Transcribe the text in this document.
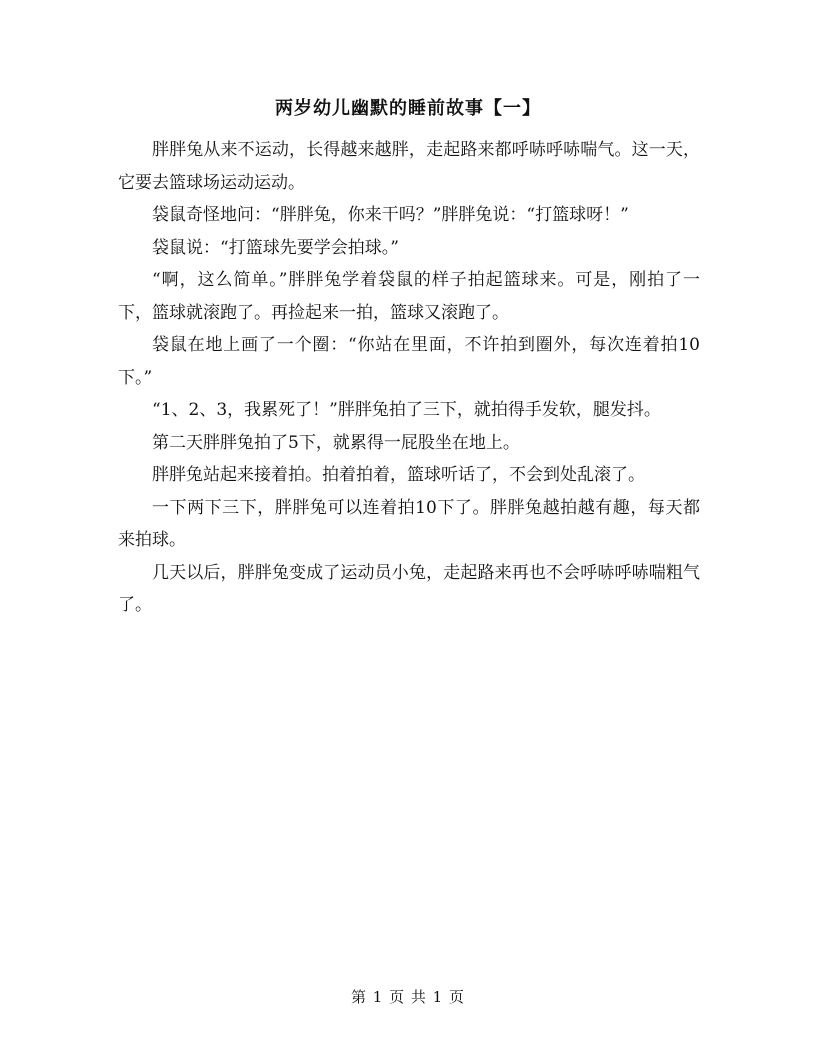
两岁幼儿幽默的睡前故事【一】

胖胖兔从来不运动，长得越来越胖，走起路来都呼哧呼哧喘气。这一天，它要去篮球场运动运动。

袋鼠奇怪地问：“胖胖兔，你来干吗？”胖胖兔说：“打篮球呀！”

袋鼠说：“打篮球先要学会拍球。”

“啊，这么简单。”胖胖兔学着袋鼠的样子拍起篮球来。可是，刚拍了一下，篮球就滚跑了。再捡起来一拍，篮球又滚跑了。

袋鼠在地上画了一个圈：“你站在里面，不许拍到圈外，每次连着拍10下。”

“1、2、3，我累死了！”胖胖兔拍了三下，就拍得手发软，腿发抖。

第二天胖胖兔拍了5下，就累得一屁股坐在地上。

胖胖兔站起来接着拍。拍着拍着，篮球听话了，不会到处乱滚了。

一下两下三下，胖胖兔可以连着拍10下了。胖胖兔越拍越有趣，每天都来拍球。

几天以后，胖胖兔变成了运动员小兔，走起路来再也不会呼哧呼哧喘粗气了。

第 1 页 共 1 页
